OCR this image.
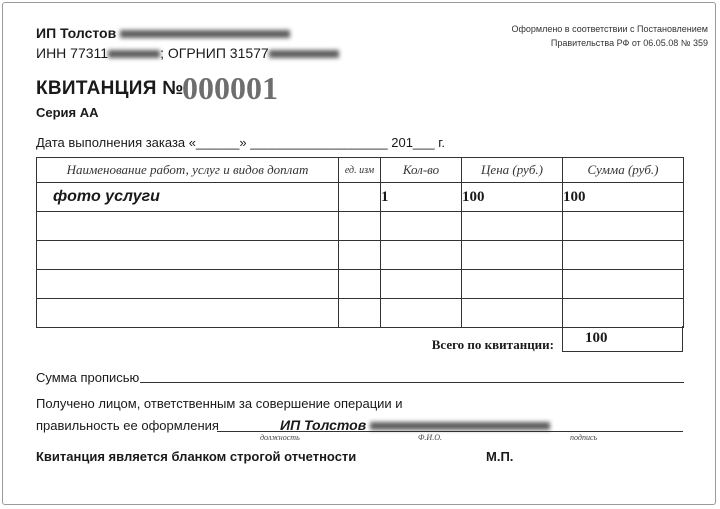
ИП Толстов
ИНН 77311	; ОГРНИП 31577
Оформлено в соответствии с Постановлением
Правительства РФ от 06.05.08 № 359
КВИТАНЦИЯ №
000001
Серия АА
Дата выполнения заказа «______» ___________________ 201___ г.
Наименование работ, услуг и видов доплат	ед. изм	Кол-во	Цена (руб.)	Сумма (руб.)
фото услуги		1	100	100

Всего по квитанции:	100
Сумма прописью
Получено лицом, ответственным за совершение операции и
правильность ее оформления	ИП Толстов
должность	Ф.И.О.	подпись
Квитанция является бланком строгой отчетности	М.П.
